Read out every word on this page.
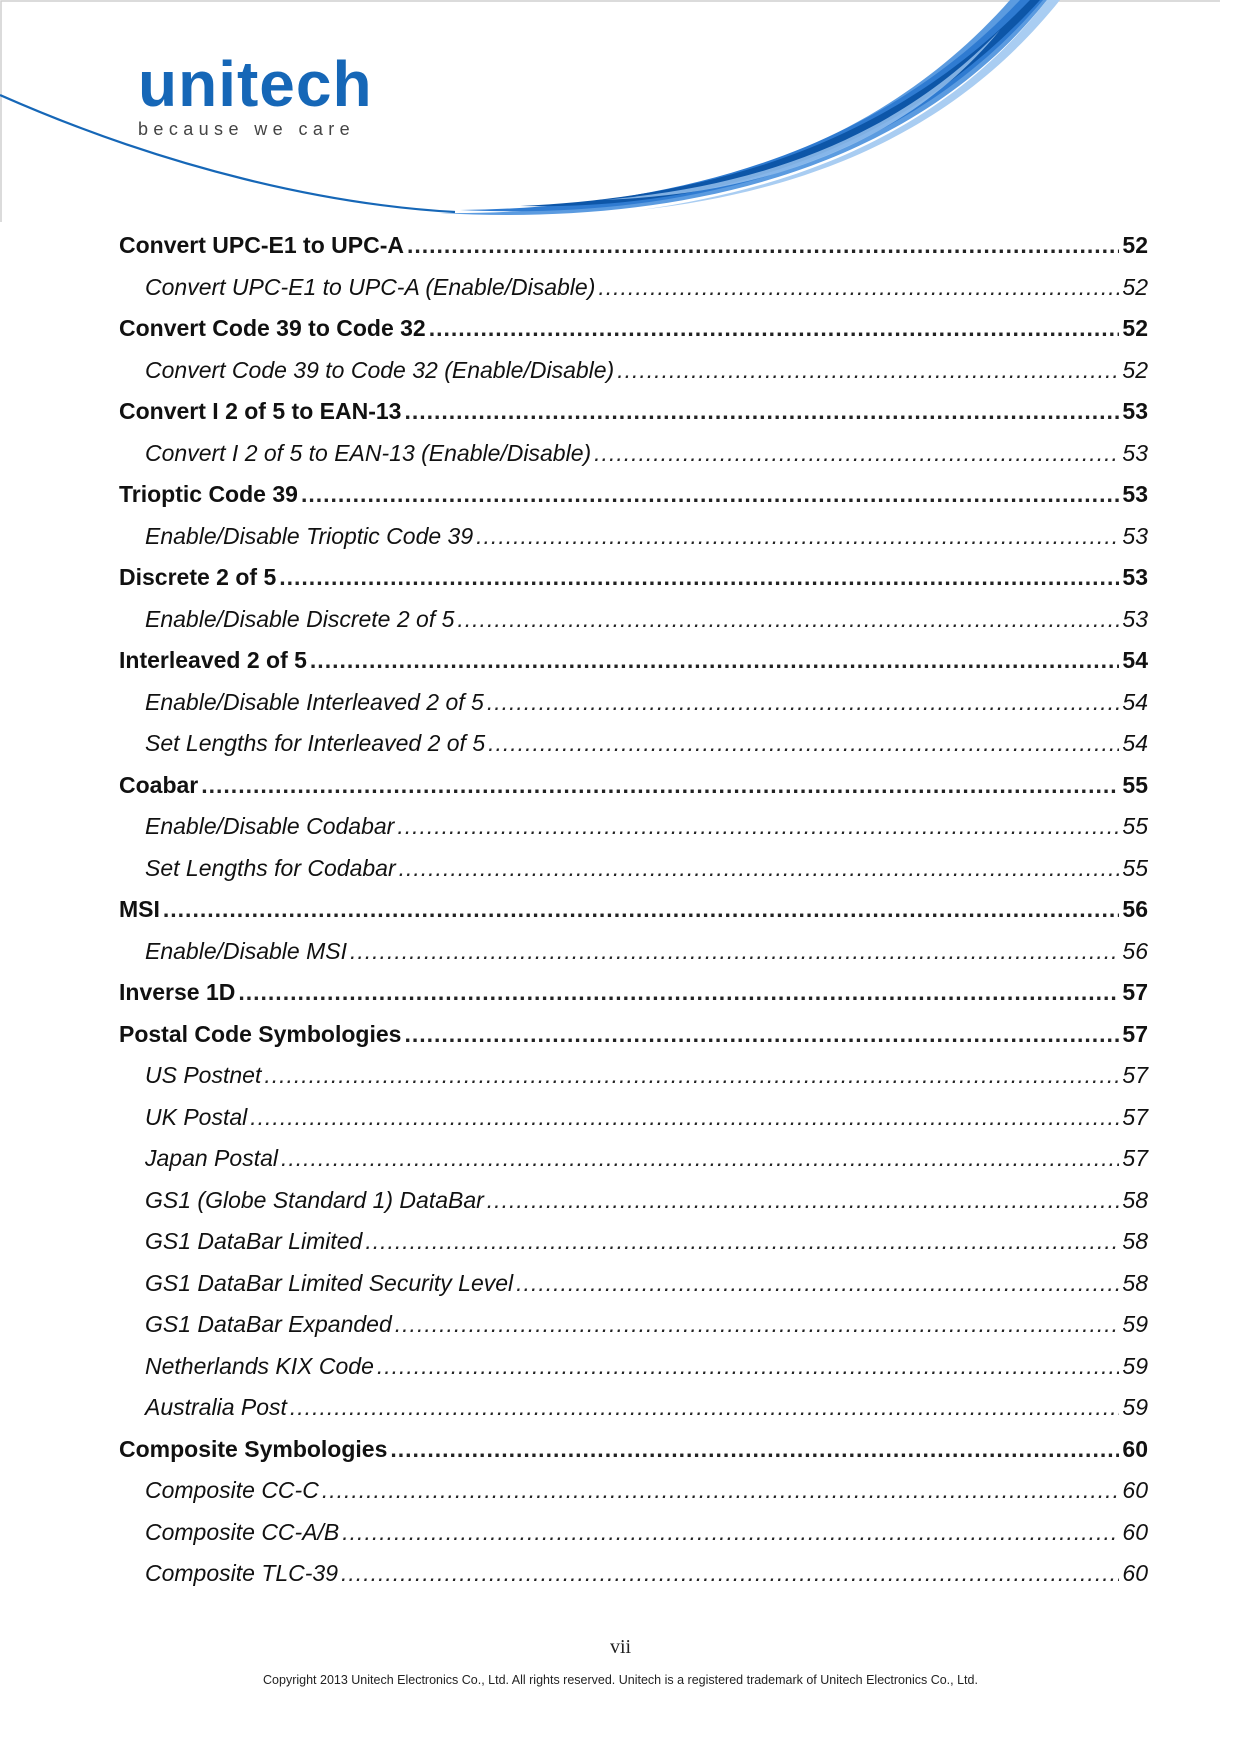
unitech
because we care
Convert UPC-E1 to UPC-A .....	52
Convert UPC-E1 to UPC-A (Enable/Disable) .....	52
Convert Code 39 to Code 32 .....	52
Convert Code 39 to Code 32 (Enable/Disable) .....	52
Convert I 2 of 5 to EAN-13 .....	53
Convert I 2 of 5 to EAN-13 (Enable/Disable) .....	53
Trioptic Code 39 .....	53
Enable/Disable Trioptic Code 39 .....	53
Discrete 2 of 5 .....	53
Enable/Disable Discrete 2 of 5 .....	53
Interleaved 2 of 5 .....	54
Enable/Disable Interleaved 2 of 5 .....	54
Set Lengths for Interleaved 2 of 5 .....	54
Coabar .....	55
Enable/Disable Codabar .....	55
Set Lengths for Codabar .....	55
MSI .....	56
Enable/Disable MSI .....	56
Inverse 1D .....	57
Postal Code Symbologies .....	57
US Postnet .....	57
UK Postal .....	57
Japan Postal .....	57
GS1 (Globe Standard 1) DataBar .....	58
GS1 DataBar Limited .....	58
GS1 DataBar Limited Security Level .....	58
GS1 DataBar Expanded .....	59
Netherlands KIX Code .....	59
Australia Post .....	59
Composite Symbologies .....	60
Composite CC-C .....	60
Composite CC-A/B .....	60
Composite TLC-39 .....	60
vii
Copyright 2013 Unitech Electronics Co., Ltd. All rights reserved. Unitech is a registered trademark of Unitech Electronics Co., Ltd.
